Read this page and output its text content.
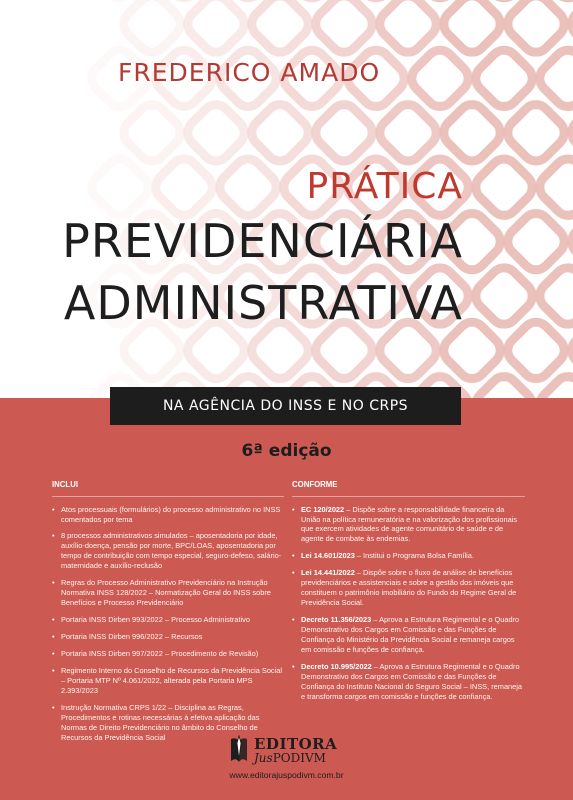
FREDERICO AMADO
PRÁTICA
PREVIDENCIÁRIA
ADMINISTRATIVA
NA AGÊNCIA DO INSS E NO CRPS
6ª edição
INCLUI
• Atos processuais (formulários) do processo administrativo no INSS comentados por tema
• 8 processos administrativos simulados – aposentadoria por idade, auxílio-doença, pensão por morte, BPC/LOAS, aposentadoria por tempo de contribuição com tempo especial, seguro-defeso, salário-maternidade e auxílio-reclusão
• Regras do Processo Administrativo Previdenciário na Instrução Normativa INSS 128/2022 – Normatização Geral do INSS sobre Benefícios e Processo Previdenciário
• Portaria INSS Dirben 993/2022 – Processo Administrativo
• Portaria INSS Dirben 996/2022 – Recursos
• Portaria INSS Dirben 997/2022 – Procedimento de Revisão)
• Regimento Interno do Conselho de Recursos da Previdência Social – Portaria MTP Nº 4.061/2022, alterada pela Portaria MPS 2.393/2023
• Instrução Normativa CRPS 1/22 – Disciplina as Regras, Procedimentos e rotinas necessárias à efetiva aplicação das Normas de Direito Previdenciário no âmbito do Conselho de Recursos da Previdência Social
CONFORME
• EC 120/2022 – Dispõe sobre a responsabilidade financeira da União na política remuneratória e na valorização dos profissionais que exercem atividades de agente comunitário de saúde e de agente de combate às endemias.
• Lei 14.601/2023 – Institui o Programa Bolsa Família.
• Lei 14.441/2022 – Dispõe sobre o fluxo de análise de benefícios previdenciários e assistenciais e sobre a gestão dos imóveis que constituem o patrimônio imobiliário do Fundo do Regime Geral de Previdência Social.
• Decreto 11.356/2023 – Aprova a Estrutura Regimental e o Quadro Demonstrativo dos Cargos em Comissão e das Funções de Confiança do Ministério da Previdência Social e remaneja cargos em comissão e funções de confiança.
• Decreto 10.995/2022 – Aprova a Estrutura Regimental e o Quadro Demonstrativo dos Cargos em Comissão e das Funções de Confiança do Instituto Nacional do Seguro Social – INSS, remaneja e transforma cargos em comissão e funções de confiança.
EDITORA
JusPODIVM
www.editorajuspodivm.com.br
